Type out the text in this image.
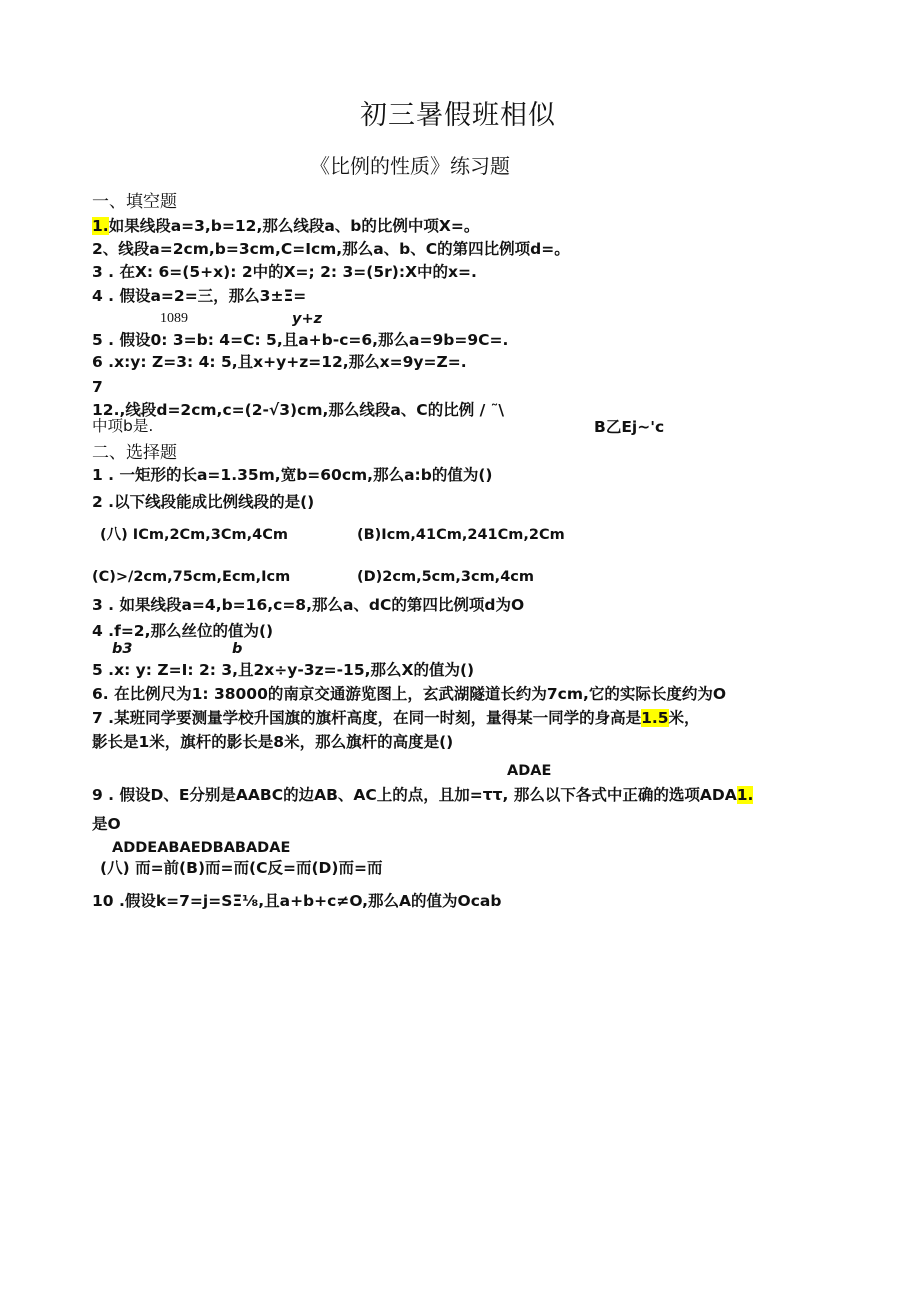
初三暑假班相似
《比例的性质》练习题
一、填空题
1.如果线段a=3,b=12,那么线段a、b的比例中项X=。
2、线段a=2cm,b=3cm,C=Icm,那么a、b、C的第四比例项d=。
3 . 在X: 6=(5+x): 2中的X=; 2: 3=(5r):X中的x=.
4 . 假设a=2=三，那么3±Ξ=
1089	y+z
5 . 假设0: 3=b: 4=C: 5,且a+b-c=6,那么a=9b=9C=.
6 .x:y: Z=3: 4: 5,且x+y+z=12,那么x=9y=Z=.
7
12.,线段d=2cm,c=(2-√3)cm,那么线段a、C的比例 / ˜\
中项b是.	B乙Ej~'c
二、选择题
1 . 一矩形的长a=1.35m,宽b=60cm,那么a:b的值为()
2 .以下线段能成比例线段的是()
(八) ICm,2Cm,3Cm,4Cm	(B)Icm,41Cm,241Cm,2Cm
(C)>/2cm,75cm,Ecm,Icm	(D)2cm,5cm,3cm,4cm
3 . 如果线段a=4,b=16,c=8,那么a、dC的第四比例项d为O
4 .f=2,那么丝位的值为()
b3	b
5 .x: y: Z=I: 2: 3,且2x÷y-3z=-15,那么X的值为()
6. 在比例尺为1: 38000的南京交通游览图上，玄武湖隧道长约为7cm,它的实际长度约为O
7 .某班同学要测量学校升国旗的旗杆高度，在同一时刻，量得某一同学的身高是1.5米，
影长是1米，旗杆的影长是8米，那么旗杆的高度是()
ADAE
9 . 假设D、E分别是AABC的边AB、AC上的点，且加=ττ, 那么以下各式中正确的选项ADA1.
是O
ADDEABAEDBABADAE
(八) 而=前(B)而=而(C反=而(D)而=而
10 .假设k=7=j=SΞ⅛,且a+b+c≠O,那么A的值为Ocab
